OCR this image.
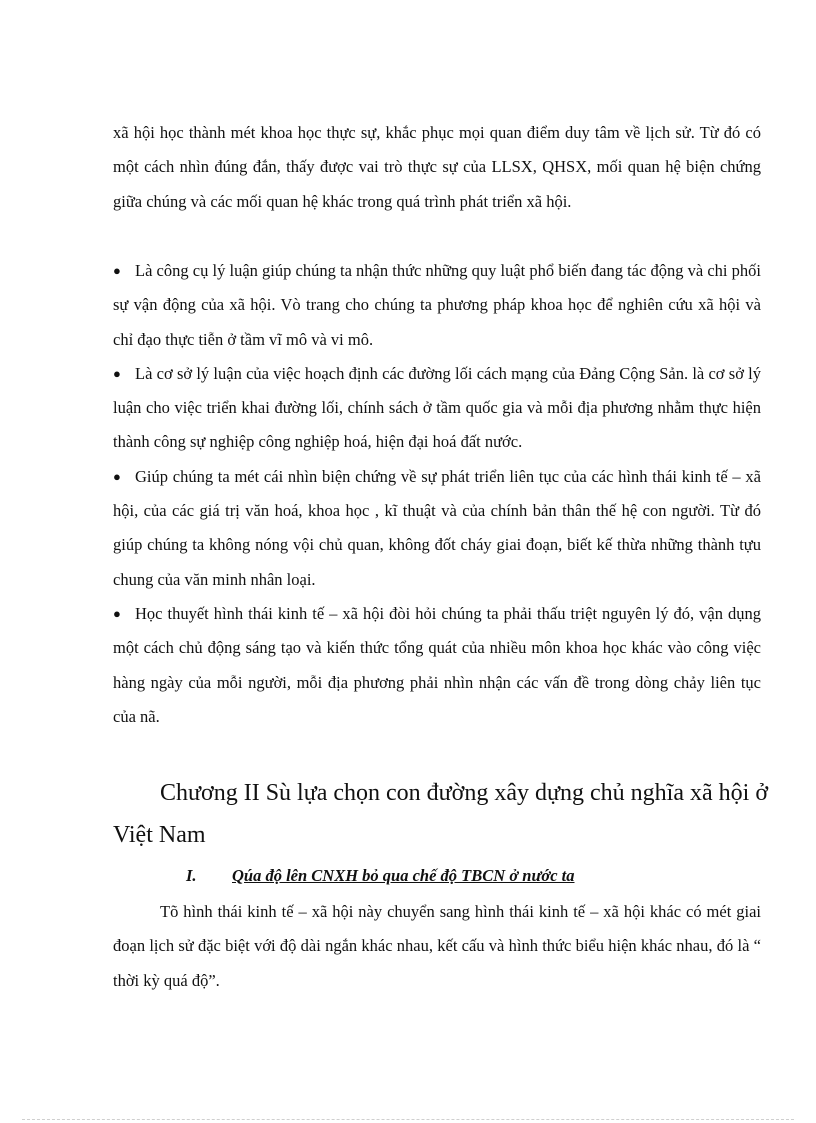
xã hội học thành mét khoa học thực sự, khắc phục mọi quan điểm duy tâm về lịch sử. Từ đó có một cách nhìn đúng đắn, thấy được vai trò thực sự của LLSX, QHSX, mối quan hệ biện chứng giữa chúng và các mối quan hệ khác trong quá trình phát triển xã hội.

● Là công cụ lý luận giúp chúng ta nhận thức những quy luật phổ biến đang tác động và chi phối sự vận động của xã hội. Vò trang cho chúng ta phương pháp khoa học để nghiên cứu xã hội và chỉ đạo thực tiễn ở tầm vĩ mô và vi mô.

● Là cơ sở lý luận của việc hoạch định các đường lối cách mạng của Đảng Cộng Sản. là cơ sở lý luận cho việc triển khai đường lối, chính sách ở tầm quốc gia và mỗi địa phương nhằm thực hiện thành công sự nghiệp công nghiệp hoá, hiện đại hoá đất nước.

● Giúp chúng ta mét cái nhìn biện chứng về sự phát triển liên tục của các hình thái kinh tế – xã hội, của các giá trị văn hoá, khoa học , kĩ thuật và của chính bản thân thế hệ con người. Từ đó giúp chúng ta không nóng vội chủ quan, không đốt cháy giai đoạn, biết kế thừa những thành tựu chung của văn minh nhân loại.

● Học thuyết hình thái kinh tế – xã hội đòi hỏi chúng ta phải thấu triệt nguyên lý đó, vận dụng một cách chủ động sáng tạo và kiến thức tổng quát của nhiều môn khoa học khác vào công việc hàng ngày của mỗi người, mỗi địa phương phải nhìn nhận các vấn đề trong dòng chảy liên tục của nã.

Chương II Sù lựa chọn con đường xây dựng chủ nghĩa xã hội ở Việt Nam
I. Qúa độ lên CNXH bỏ qua chế độ TBCN ở nước ta

Tõ hình thái kinh tế – xã hội này chuyển sang hình thái kinh tế – xã hội khác có mét giai đoạn lịch sử đặc biệt với độ dài ngắn khác nhau, kết cấu và hình thức biểu hiện khác nhau, đó là “ thời kỳ quá độ”.
